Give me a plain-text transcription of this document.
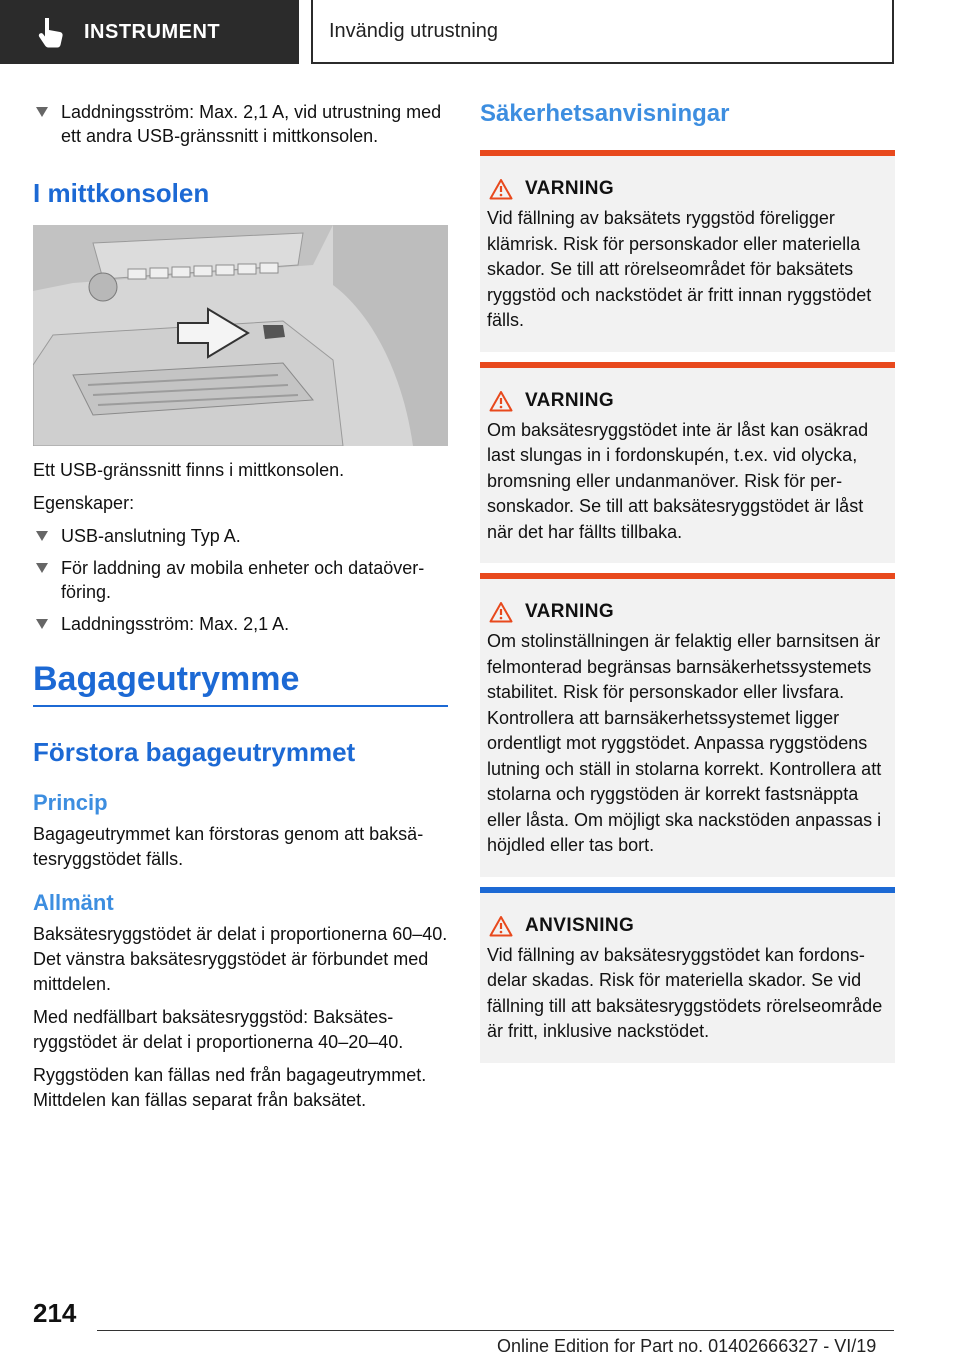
INSTRUMENT	Invändig utrustning
Laddningsström: Max. 2,1 A, vid utrustning med ett andra USB-gränssnitt i mittkonsolen.
I mittkonsolen

Ett USB-gränssnitt finns i mittkonsolen.

Egenskaper:

USB-anslutning Typ A.
För laddning av mobila enheter och dataöverföring.
Laddningsström: Max. 2,1 A.
Bagageutrymme
Förstora bagageutrymmet
Princip

Bagageutrymmet kan förstoras genom att baksätesryggstödet fälls.

Allmänt

Baksätesryggstödet är delat i proportionerna 60–40. Det vänstra baksätesryggstödet är förbundet med mittdelen.

Med nedfällbart baksätesryggstöd: Baksätesryggstödet är delat i proportionerna 40–20–40.

Ryggstöden kan fällas ned från bagageutrymmet. Mittdelen kan fällas separat från baksätet.

Säkerhetsanvisningar
VARNING
Vid fällning av baksätets ryggstöd föreligger klämrisk. Risk för personskador eller materiella skador. Se till att rörelseområdet för baksätets ryggstöd och nackstödet är fritt innan ryggstödet fälls.
VARNING
Om baksätesryggstödet inte är låst kan osäkrad last slungas in i fordonskupén, t.ex. vid olycka, bromsning eller undanmanöver. Risk för personskador. Se till att baksätesryggstödet är låst när det har fällts tillbaka.
VARNING
Om stolinställningen är felaktig eller barnsitsen är felmonterad begränsas barnsäkerhetssystemets stabilitet. Risk för personskador eller livsfara. Kontrollera att barnsäkerhetssystemet ligger ordentligt mot ryggstödet. Anpassa ryggstödens lutning och ställ in stolarna korrekt. Kontrollera att stolarna och ryggstöden är korrekt fastsnäppta eller låsta. Om möjligt ska nackstöden anpassas i höjdled eller tas bort.
ANVISNING
Vid fällning av baksätesryggstödet kan fordonsdelar skadas. Risk för materiella skador. Se vid fällning till att baksätesryggstödets rörelseområde är fritt, inklusive nackstödet.
214
Online Edition for Part no. 01402666327 - VI/19
